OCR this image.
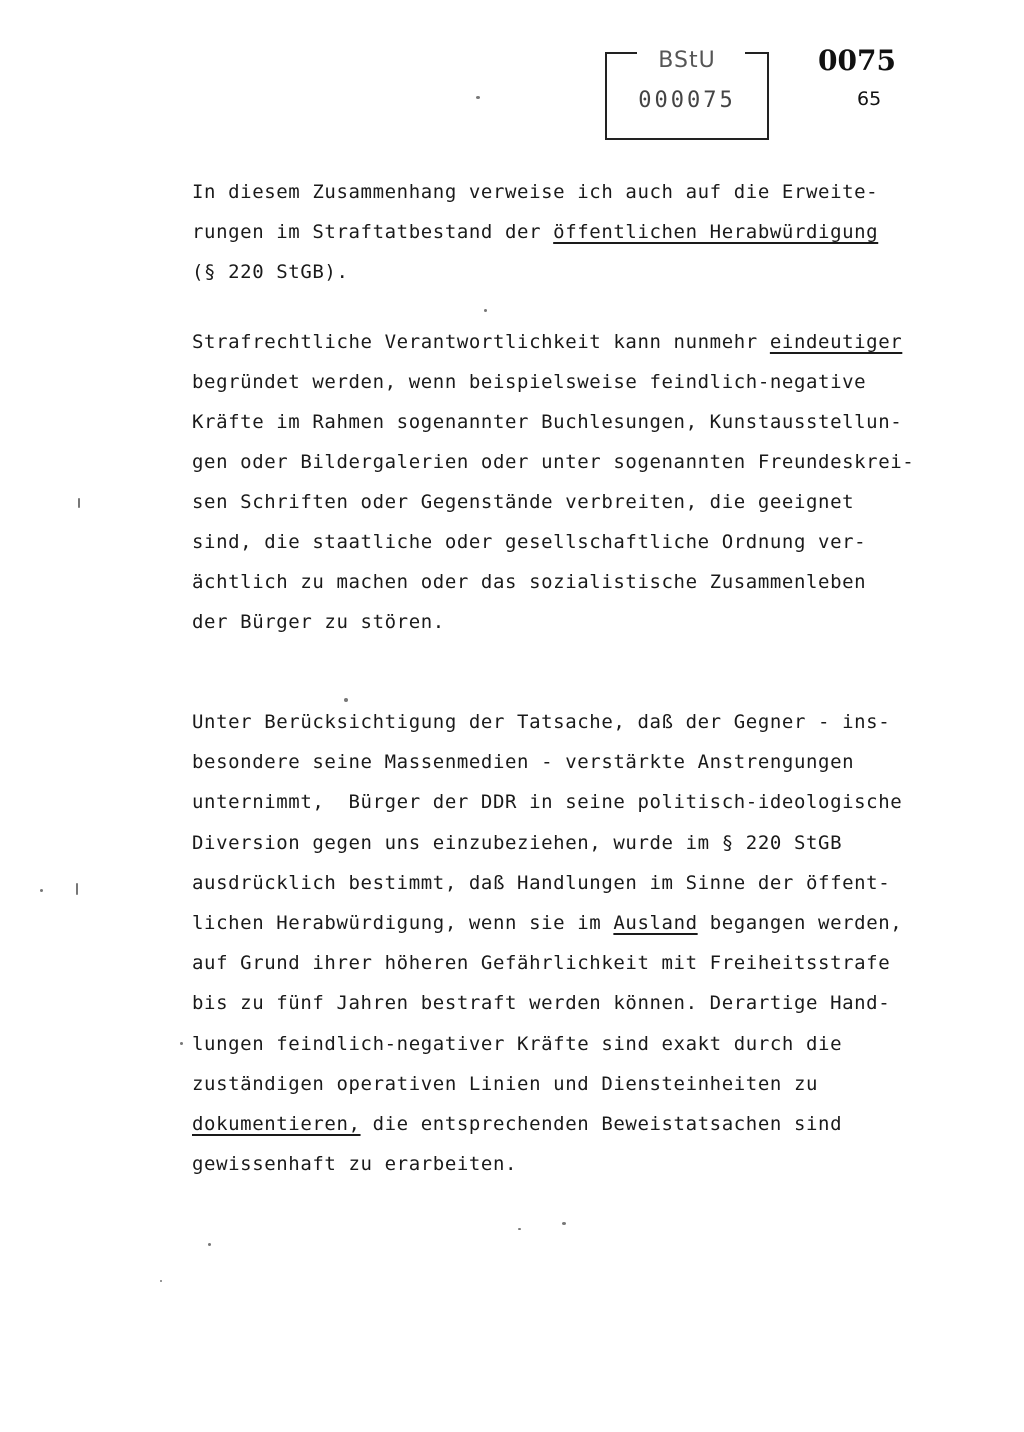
BStU
000075
0075
65
In diesem Zusammenhang verweise ich auch auf die Erweite-
rungen im Straftatbestand der öffentlichen Herabwürdigung
(§ 220 StGB).
Strafrechtliche Verantwortlichkeit kann nunmehr eindeutiger
begründet werden, wenn beispielsweise feindlich-negative
Kräfte im Rahmen sogenannter Buchlesungen, Kunstausstellun-
gen oder Bildergalerien oder unter sogenannten Freundeskrei-
sen Schriften oder Gegenstände verbreiten, die geeignet
sind, die staatliche oder gesellschaftliche Ordnung ver-
ächtlich zu machen oder das sozialistische Zusammenleben
der Bürger zu stören.
Unter Berücksichtigung der Tatsache, daß der Gegner - ins-
besondere seine Massenmedien - verstärkte Anstrengungen
unternimmt,  Bürger der DDR in seine politisch-ideologische
Diversion gegen uns einzubeziehen, wurde im § 220 StGB
ausdrücklich bestimmt, daß Handlungen im Sinne der öffent-
lichen Herabwürdigung, wenn sie im Ausland begangen werden,
auf Grund ihrer höheren Gefährlichkeit mit Freiheitsstrafe
bis zu fünf Jahren bestraft werden können. Derartige Hand-
lungen feindlich-negativer Kräfte sind exakt durch die
zuständigen operativen Linien und Diensteinheiten zu
dokumentieren, die entsprechenden Beweistatsachen sind
gewissenhaft zu erarbeiten.
